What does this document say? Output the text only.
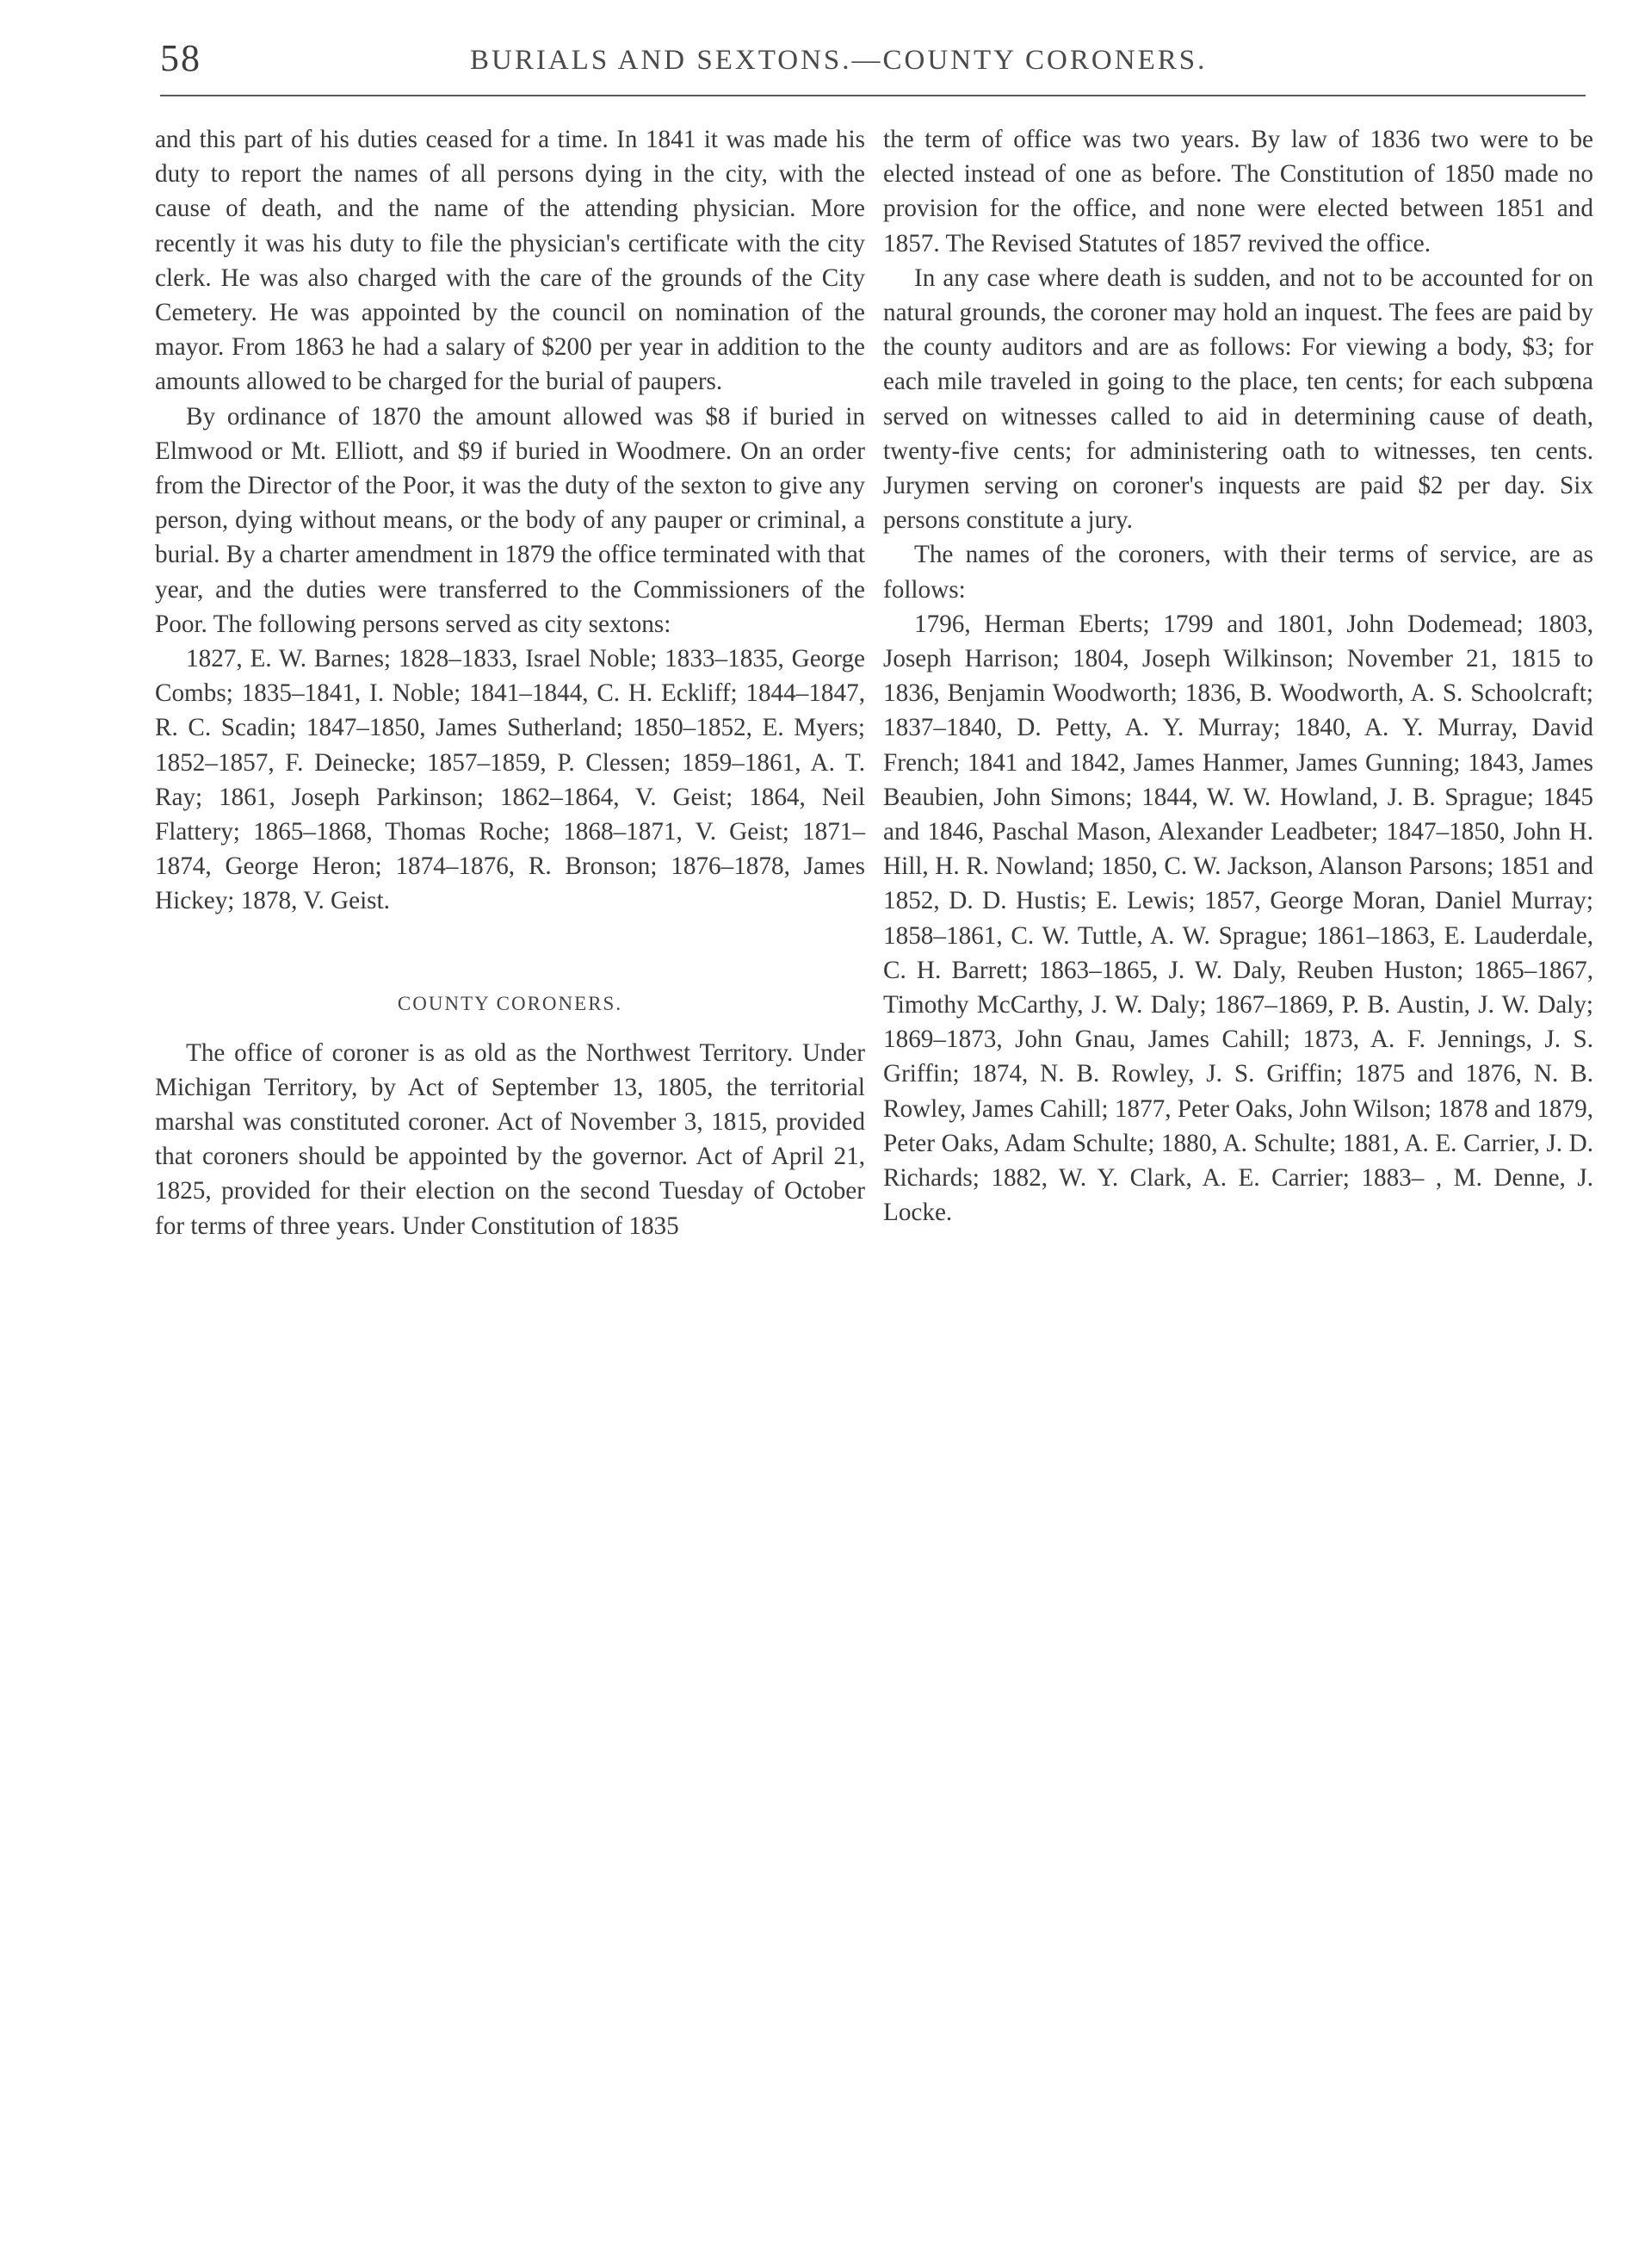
58	BURIALS AND SEXTONS.—COUNTY CORONERS.

and this part of his duties ceased for a time. In 1841 it was made his duty to report the names of all persons dying in the city, with the cause of death, and the name of the attending physician. More recently it was his duty to file the physician's certificate with the city clerk. He was also charged with the care of the grounds of the City Cemetery. He was appointed by the council on nomination of the mayor. From 1863 he had a salary of $200 per year in addition to the amounts allowed to be charged for the burial of paupers.

By ordinance of 1870 the amount allowed was $8 if buried in Elmwood or Mt. Elliott, and $9 if buried in Woodmere. On an order from the Director of the Poor, it was the duty of the sexton to give any person, dying without means, or the body of any pauper or criminal, a burial. By a charter amendment in 1879 the office terminated with that year, and the duties were transferred to the Commissioners of the Poor. The following persons served as city sextons:

1827, E. W. Barnes; 1828–1833, Israel Noble; 1833–1835, George Combs; 1835–1841, I. Noble; 1841–1844, C. H. Eckliff; 1844–1847, R. C. Scadin; 1847–1850, James Sutherland; 1850–1852, E. Myers; 1852–1857, F. Deinecke; 1857–1859, P. Clessen; 1859–1861, A. T. Ray; 1861, Joseph Parkinson; 1862–1864, V. Geist; 1864, Neil Flattery; 1865–1868, Thomas Roche; 1868–1871, V. Geist; 1871–1874, George Heron; 1874–1876, R. Bronson; 1876–1878, James Hickey; 1878, V. Geist.

COUNTY CORONERS.

The office of coroner is as old as the Northwest Territory. Under Michigan Territory, by Act of September 13, 1805, the territorial marshal was constituted coroner. Act of November 3, 1815, provided that coroners should be appointed by the governor. Act of April 21, 1825, provided for their election on the second Tuesday of October for terms of three years. Under Constitution of 1835

the term of office was two years. By law of 1836 two were to be elected instead of one as before. The Constitution of 1850 made no provision for the office, and none were elected between 1851 and 1857. The Revised Statutes of 1857 revived the office.

In any case where death is sudden, and not to be accounted for on natural grounds, the coroner may hold an inquest. The fees are paid by the county auditors and are as follows: For viewing a body, $3; for each mile traveled in going to the place, ten cents; for each subpœna served on witnesses called to aid in determining cause of death, twenty-five cents; for administering oath to witnesses, ten cents. Jurymen serving on coroner's inquests are paid $2 per day. Six persons constitute a jury.

The names of the coroners, with their terms of service, are as follows:

1796, Herman Eberts; 1799 and 1801, John Dodemead; 1803, Joseph Harrison; 1804, Joseph Wilkinson; November 21, 1815 to 1836, Benjamin Woodworth; 1836, B. Woodworth, A. S. Schoolcraft; 1837–1840, D. Petty, A. Y. Murray; 1840, A. Y. Murray, David French; 1841 and 1842, James Hanmer, James Gunning; 1843, James Beaubien, John Simons; 1844, W. W. Howland, J. B. Sprague; 1845 and 1846, Paschal Mason, Alexander Leadbeter; 1847–1850, John H. Hill, H. R. Nowland; 1850, C. W. Jackson, Alanson Parsons; 1851 and 1852, D. D. Hustis; E. Lewis; 1857, George Moran, Daniel Murray; 1858–1861, C. W. Tuttle, A. W. Sprague; 1861–1863, E. Lauderdale, C. H. Barrett; 1863–1865, J. W. Daly, Reuben Huston; 1865–1867, Timothy McCarthy, J. W. Daly; 1867–1869, P. B. Austin, J. W. Daly; 1869–1873, John Gnau, James Cahill; 1873, A. F. Jennings, J. S. Griffin; 1874, N. B. Rowley, J. S. Griffin; 1875 and 1876, N. B. Rowley, James Cahill; 1877, Peter Oaks, John Wilson; 1878 and 1879, Peter Oaks, Adam Schulte; 1880, A. Schulte; 1881, A. E. Carrier, J. D. Richards; 1882, W. Y. Clark, A. E. Carrier; 1883– , M. Denne, J. Locke.
